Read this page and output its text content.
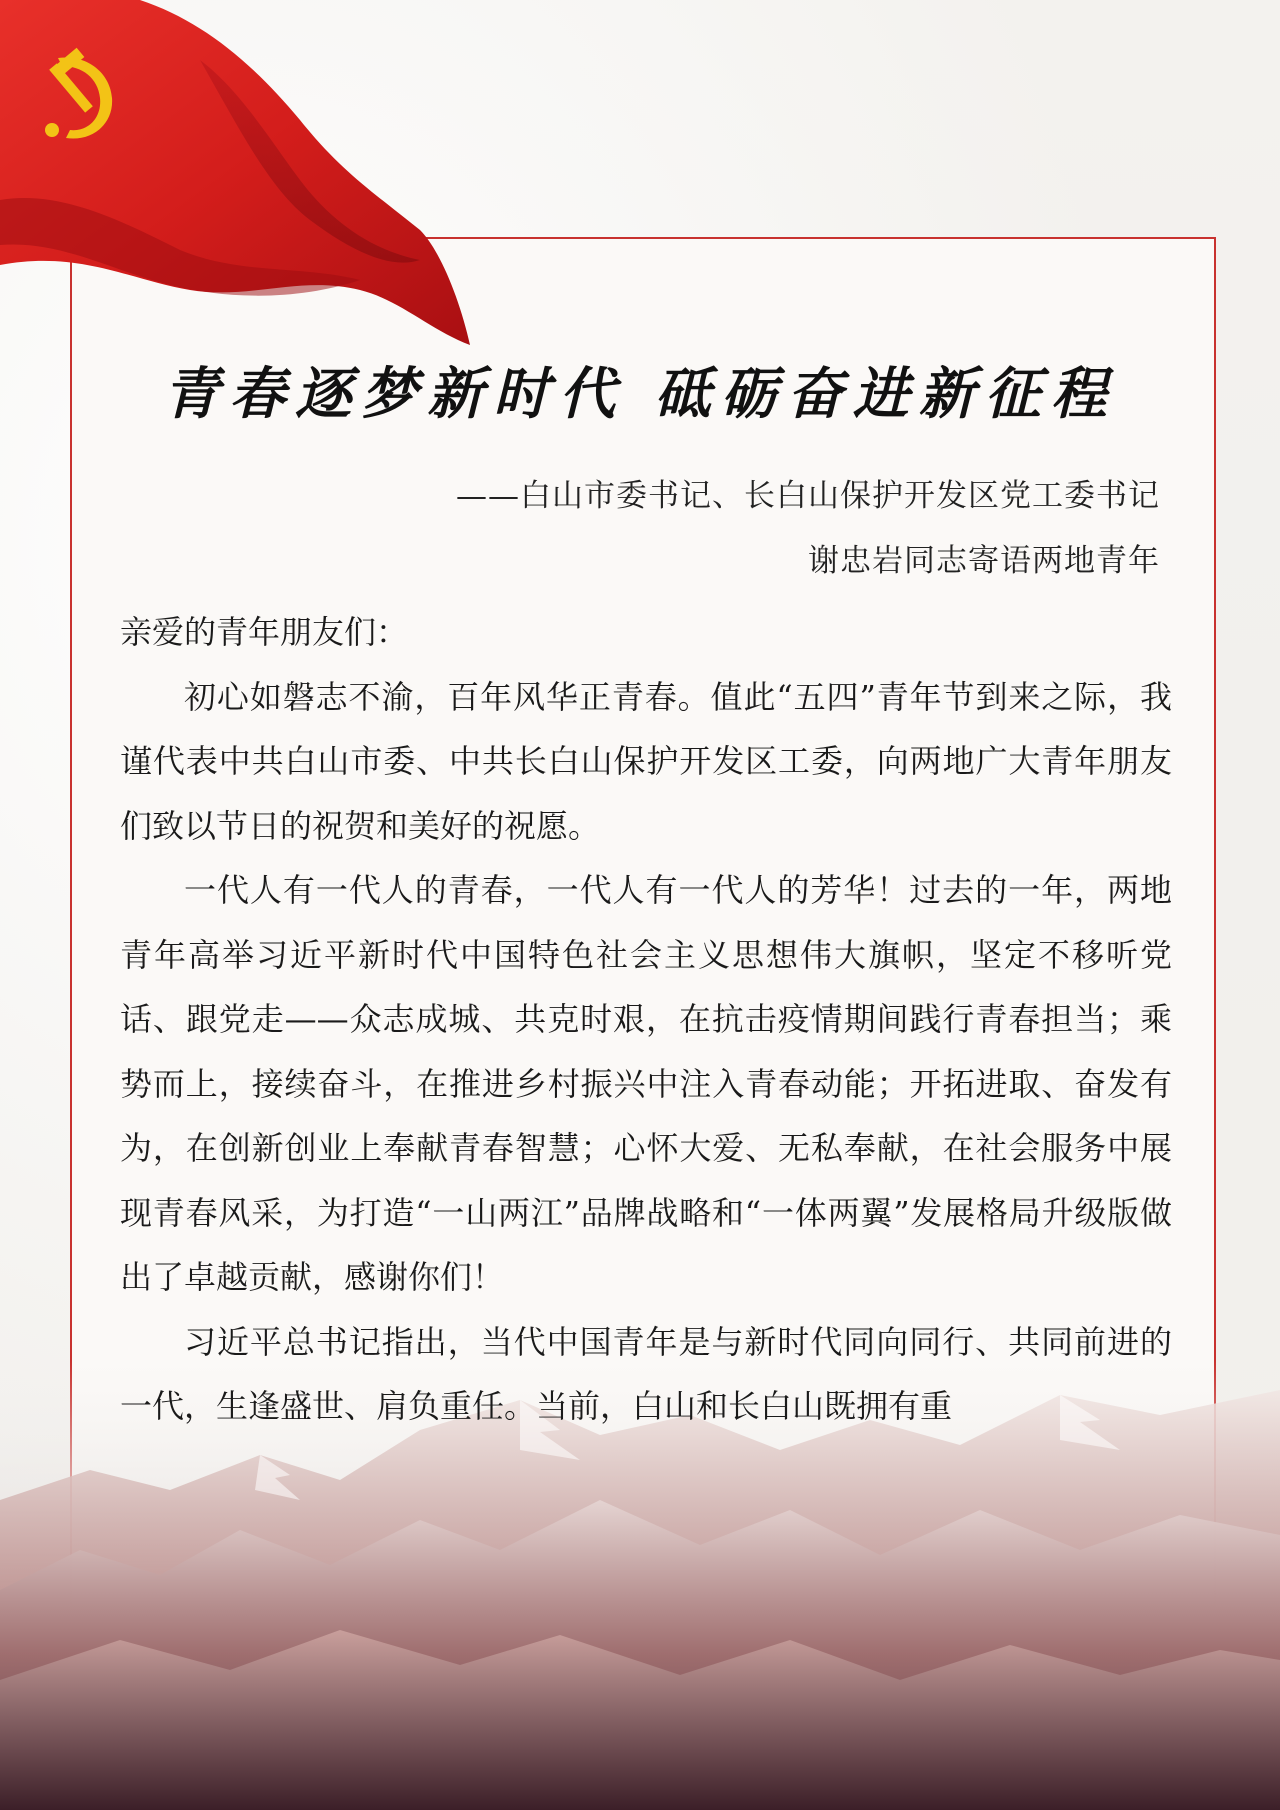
青春逐梦新时代 砥砺奋进新征程
——白山市委书记、长白山保护开发区党工委书记
谢忠岩同志寄语两地青年

亲爱的青年朋友们：

初心如磐志不渝，百年风华正青春。值此“五四”青年节到来之际，我谨代表中共白山市委、中共长白山保护开发区工委，向两地广大青年朋友们致以节日的祝贺和美好的祝愿。

一代人有一代人的青春，一代人有一代人的芳华！过去的一年，两地青年高举习近平新时代中国特色社会主义思想伟大旗帜，坚定不移听党话、跟党走——众志成城、共克时艰，在抗击疫情期间践行青春担当；乘势而上，接续奋斗，在推进乡村振兴中注入青春动能；开拓进取、奋发有为，在创新创业上奉献青春智慧；心怀大爱、无私奉献，在社会服务中展现青春风采，为打造“一山两江”品牌战略和“一体两翼”发展格局升级版做出了卓越贡献，感谢你们！

习近平总书记指出，当代中国青年是与新时代同向同行、共同前进的一代，生逢盛世、肩负重任。当前，白山和长白山既拥有重
